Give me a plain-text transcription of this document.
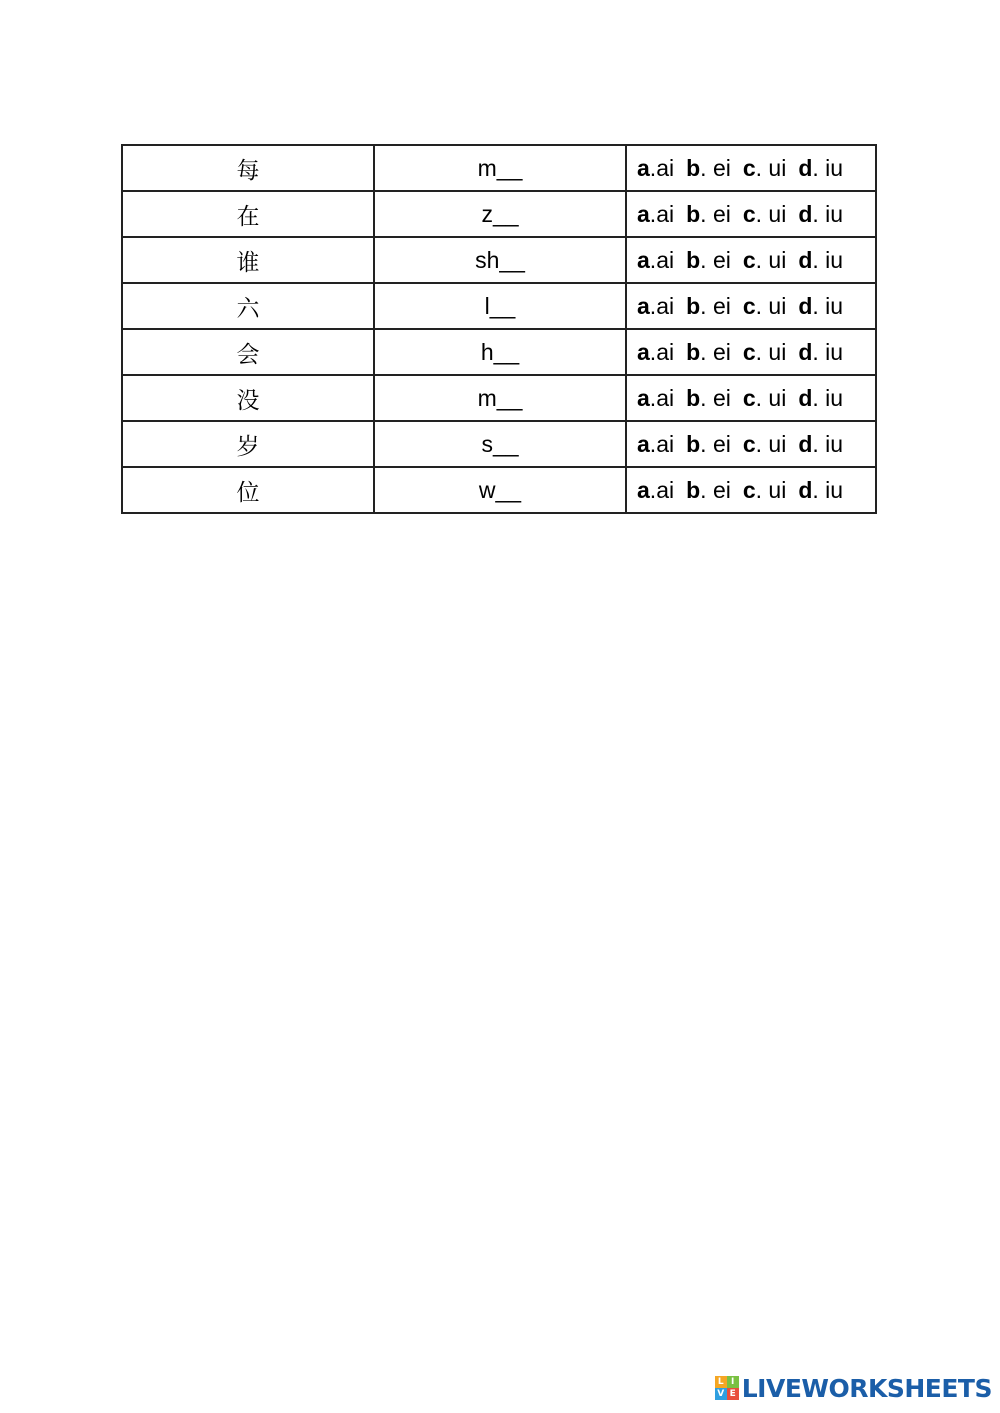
每	m__	a.ai b. ei c. ui d. iu
在	z__	a.ai b. ei c. ui d. iu
谁	sh__	a.ai b. ei c. ui d. iu
六	l__	a.ai b. ei c. ui d. iu
会	h__	a.ai b. ei c. ui d. iu
没	m__	a.ai b. ei c. ui d. iu
岁	s__	a.ai b. ei c. ui d. iu
位	w__	a.ai b. ei c. ui d. iu
L I
V E LIVEWORKSHEETS
